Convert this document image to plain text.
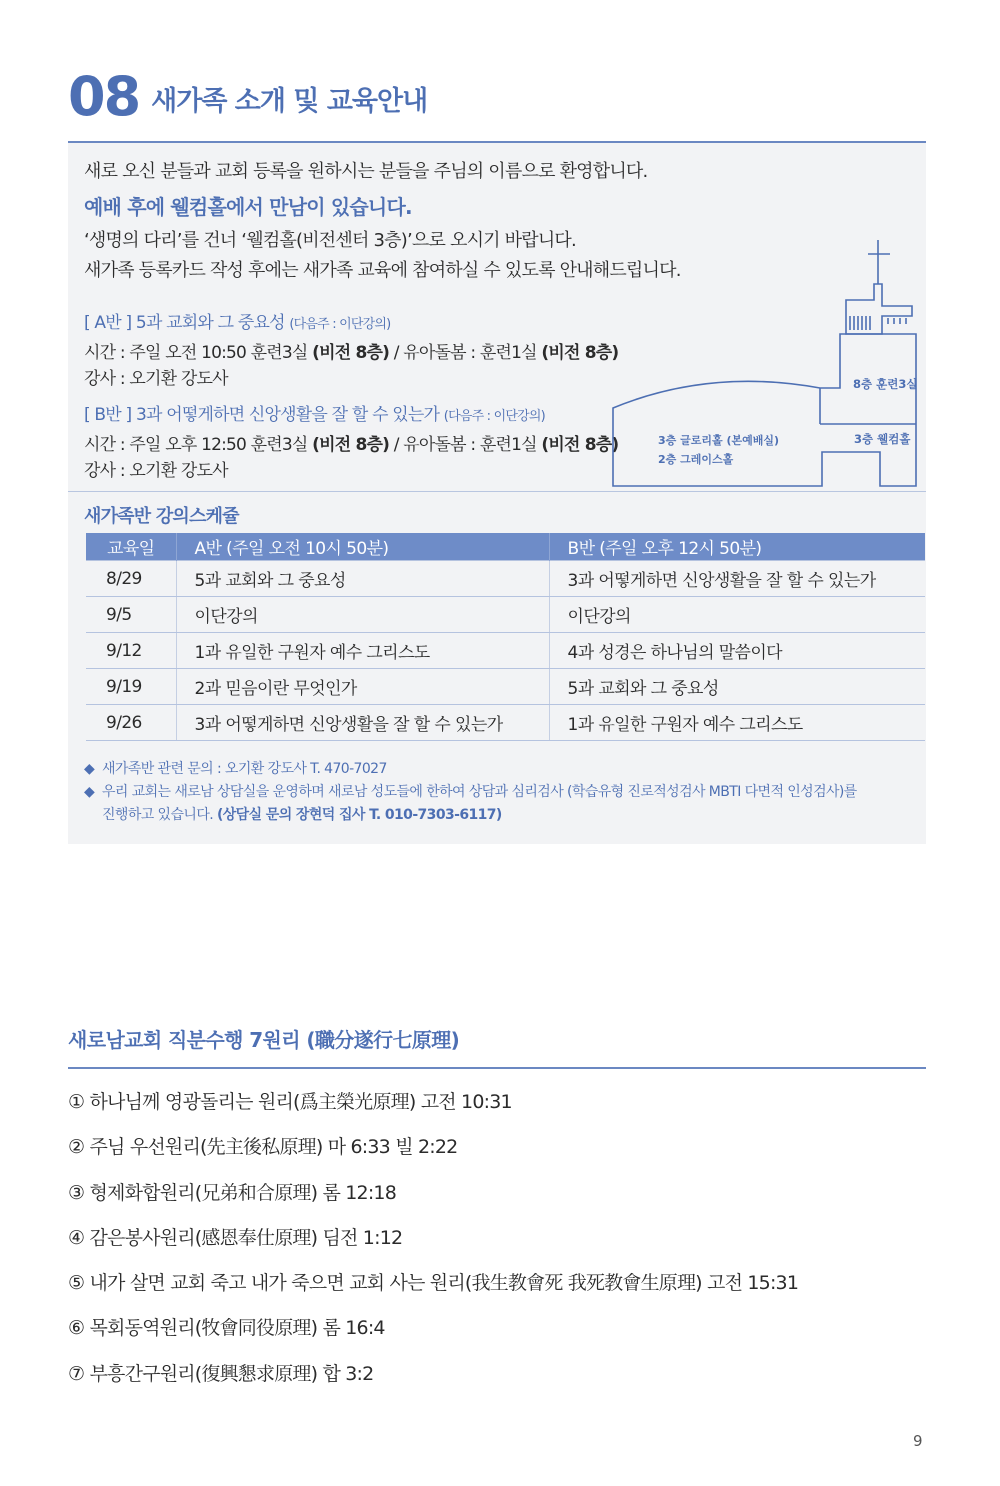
08 새가족 소개 및 교육안내
새로 오신 분들과 교회 등록을 원하시는 분들을 주님의 이름으로 환영합니다.
예배 후에 웰컴홀에서 만남이 있습니다.
‘생명의 다리’를 건너 ‘웰컴홀(비전센터 3층)’으로 오시기 바랍니다.
새가족 등록카드 작성 후에는 새가족 교육에 참여하실 수 있도록 안내해드립니다.
[ A반 ] 5과 교회와 그 중요성 (다음주 : 이단강의)
시간 : 주일 오전 10:50 훈련3실 (비전 8층) / 유아돌봄 : 훈련1실 (비전 8층)
강사 : 오기환 강도사
[ B반 ] 3과 어떻게하면 신앙생활을 잘 할 수 있는가 (다음주 : 이단강의)
시간 : 주일 오후 12:50 훈련3실 (비전 8층) / 유아돌봄 : 훈련1실 (비전 8층)
강사 : 오기환 강도사
8층 훈련3실
3층 글로리홀 (본예배실)
2층 그레이스홀
3층 웰컴홀
새가족반 강의스케쥴
교육일	A반 (주일 오전 10시 50분)	B반 (주일 오후 12시 50분)
8/29	5과 교회와 그 중요성	3과 어떻게하면 신앙생활을 잘 할 수 있는가
9/5	이단강의	이단강의
9/12	1과 유일한 구원자 예수 그리스도	4과 성경은 하나님의 말씀이다
9/19	2과 믿음이란 무엇인가	5과 교회와 그 중요성
9/26	3과 어떻게하면 신앙생활을 잘 할 수 있는가	1과 유일한 구원자 예수 그리스도
◆ 새가족반 관련 문의 : 오기환 강도사 T. 470-7027
◆ 우리 교회는 새로남 상담실을 운영하며 새로남 성도들에 한하여 상담과 심리검사 (학습유형 진로적성검사 MBTI 다면적 인성검사)를
진행하고 있습니다. (상담실 문의 장현덕 집사 T. 010-7303-6117)
새로남교회 직분수행 7원리 (職分遂行七原理)
① 하나님께 영광돌리는 원리(爲主榮光原理) 고전 10:31
② 주님 우선원리(先主後私原理) 마 6:33 빌 2:22
③ 형제화합원리(兄弟和合原理) 롬 12:18
④ 감은봉사원리(感恩奉仕原理) 딤전 1:12
⑤ 내가 살면 교회 죽고 내가 죽으면 교회 사는 원리(我生教會死 我死教會生原理) 고전 15:31
⑥ 목회동역원리(牧會同役原理) 롬 16:4
⑦ 부흥간구원리(復興懇求原理) 합 3:2
9
